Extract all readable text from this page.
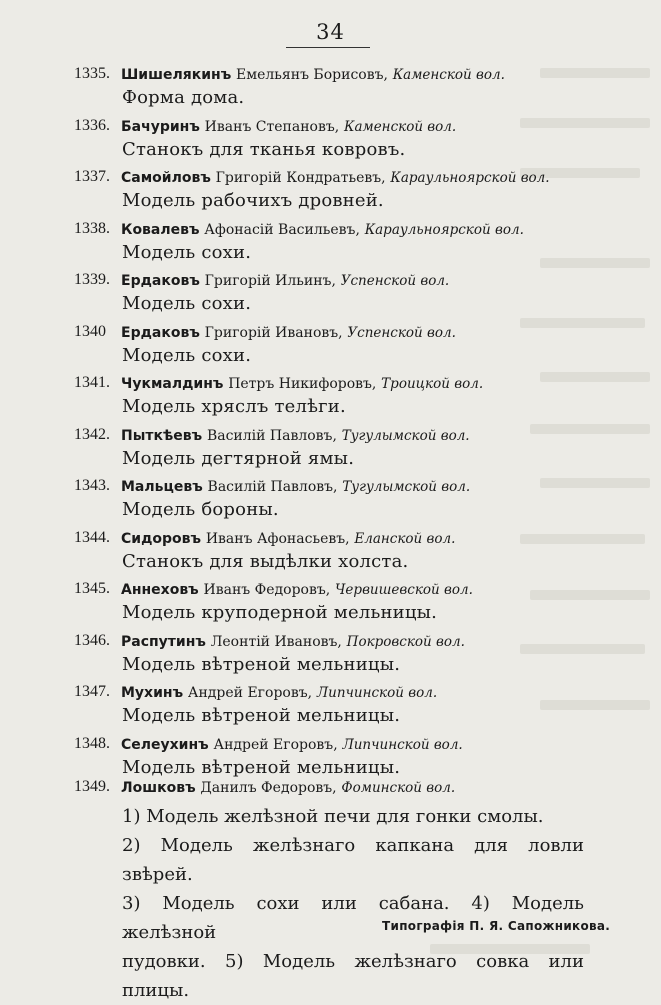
34
1335. Шишелякинъ Емельянъ Борисовъ, Каменской вол.
Форма дома.
1336. Бачуринъ Иванъ Степановъ, Каменской вол.
Станокъ для тканья ковровъ.
1337. Самойловъ Григорій Кондратьевъ, Караульноярской вол.
Модель рабочихъ дровней.
1338. Ковалевъ Афонасій Васильевъ, Караульноярской вол.
Модель сохи.
1339. Ердаковъ Григорій Ильинъ, Успенской вол.
Модель сохи.
1340	Ердаковъ Григорій Ивановъ, Успенской вол.
Модель сохи.
1341. Чукмалдинъ Петръ Никифоровъ, Троицкой вол.
Модель хряслъ телѣги.
1342. Пыткѣевъ Василій Павловъ, Тугулымской вол.
Модель дегтярной ямы.
1343. Мальцевъ Василій Павловъ, Тугулымской вол.
Модель бороны.
1344. Сидоровъ Иванъ Афонасьевъ, Еланской вол.
Станокъ для выдѣлки холста.
1345. Аннеховъ Иванъ Федоровъ, Червишевской вол.
Модель круподерной мельницы.
1346. Распутинъ Леонтій Ивановъ, Покровской вол.
Модель вѣтреной мельницы.
1347. Мухинъ Андрей Егоровъ, Липчинской вол.
Модель вѣтреной мельницы.
1348. Селеухинъ Андрей Егоровъ, Липчинской вол.
Модель вѣтреной мельницы.
1349. Лошковъ Данилъ Федоровъ, Фоминской вол.
1) Модель желѣзной печи для гонки смолы.
2) Модель желѣзнаго капкана для ловли звѣрей.
3) Модель сохи или сабана. 4) Модель желѣзной
пудовки. 5) Модель желѣзнаго совка или плицы.
Типографія П. Я. Сапожникова.
